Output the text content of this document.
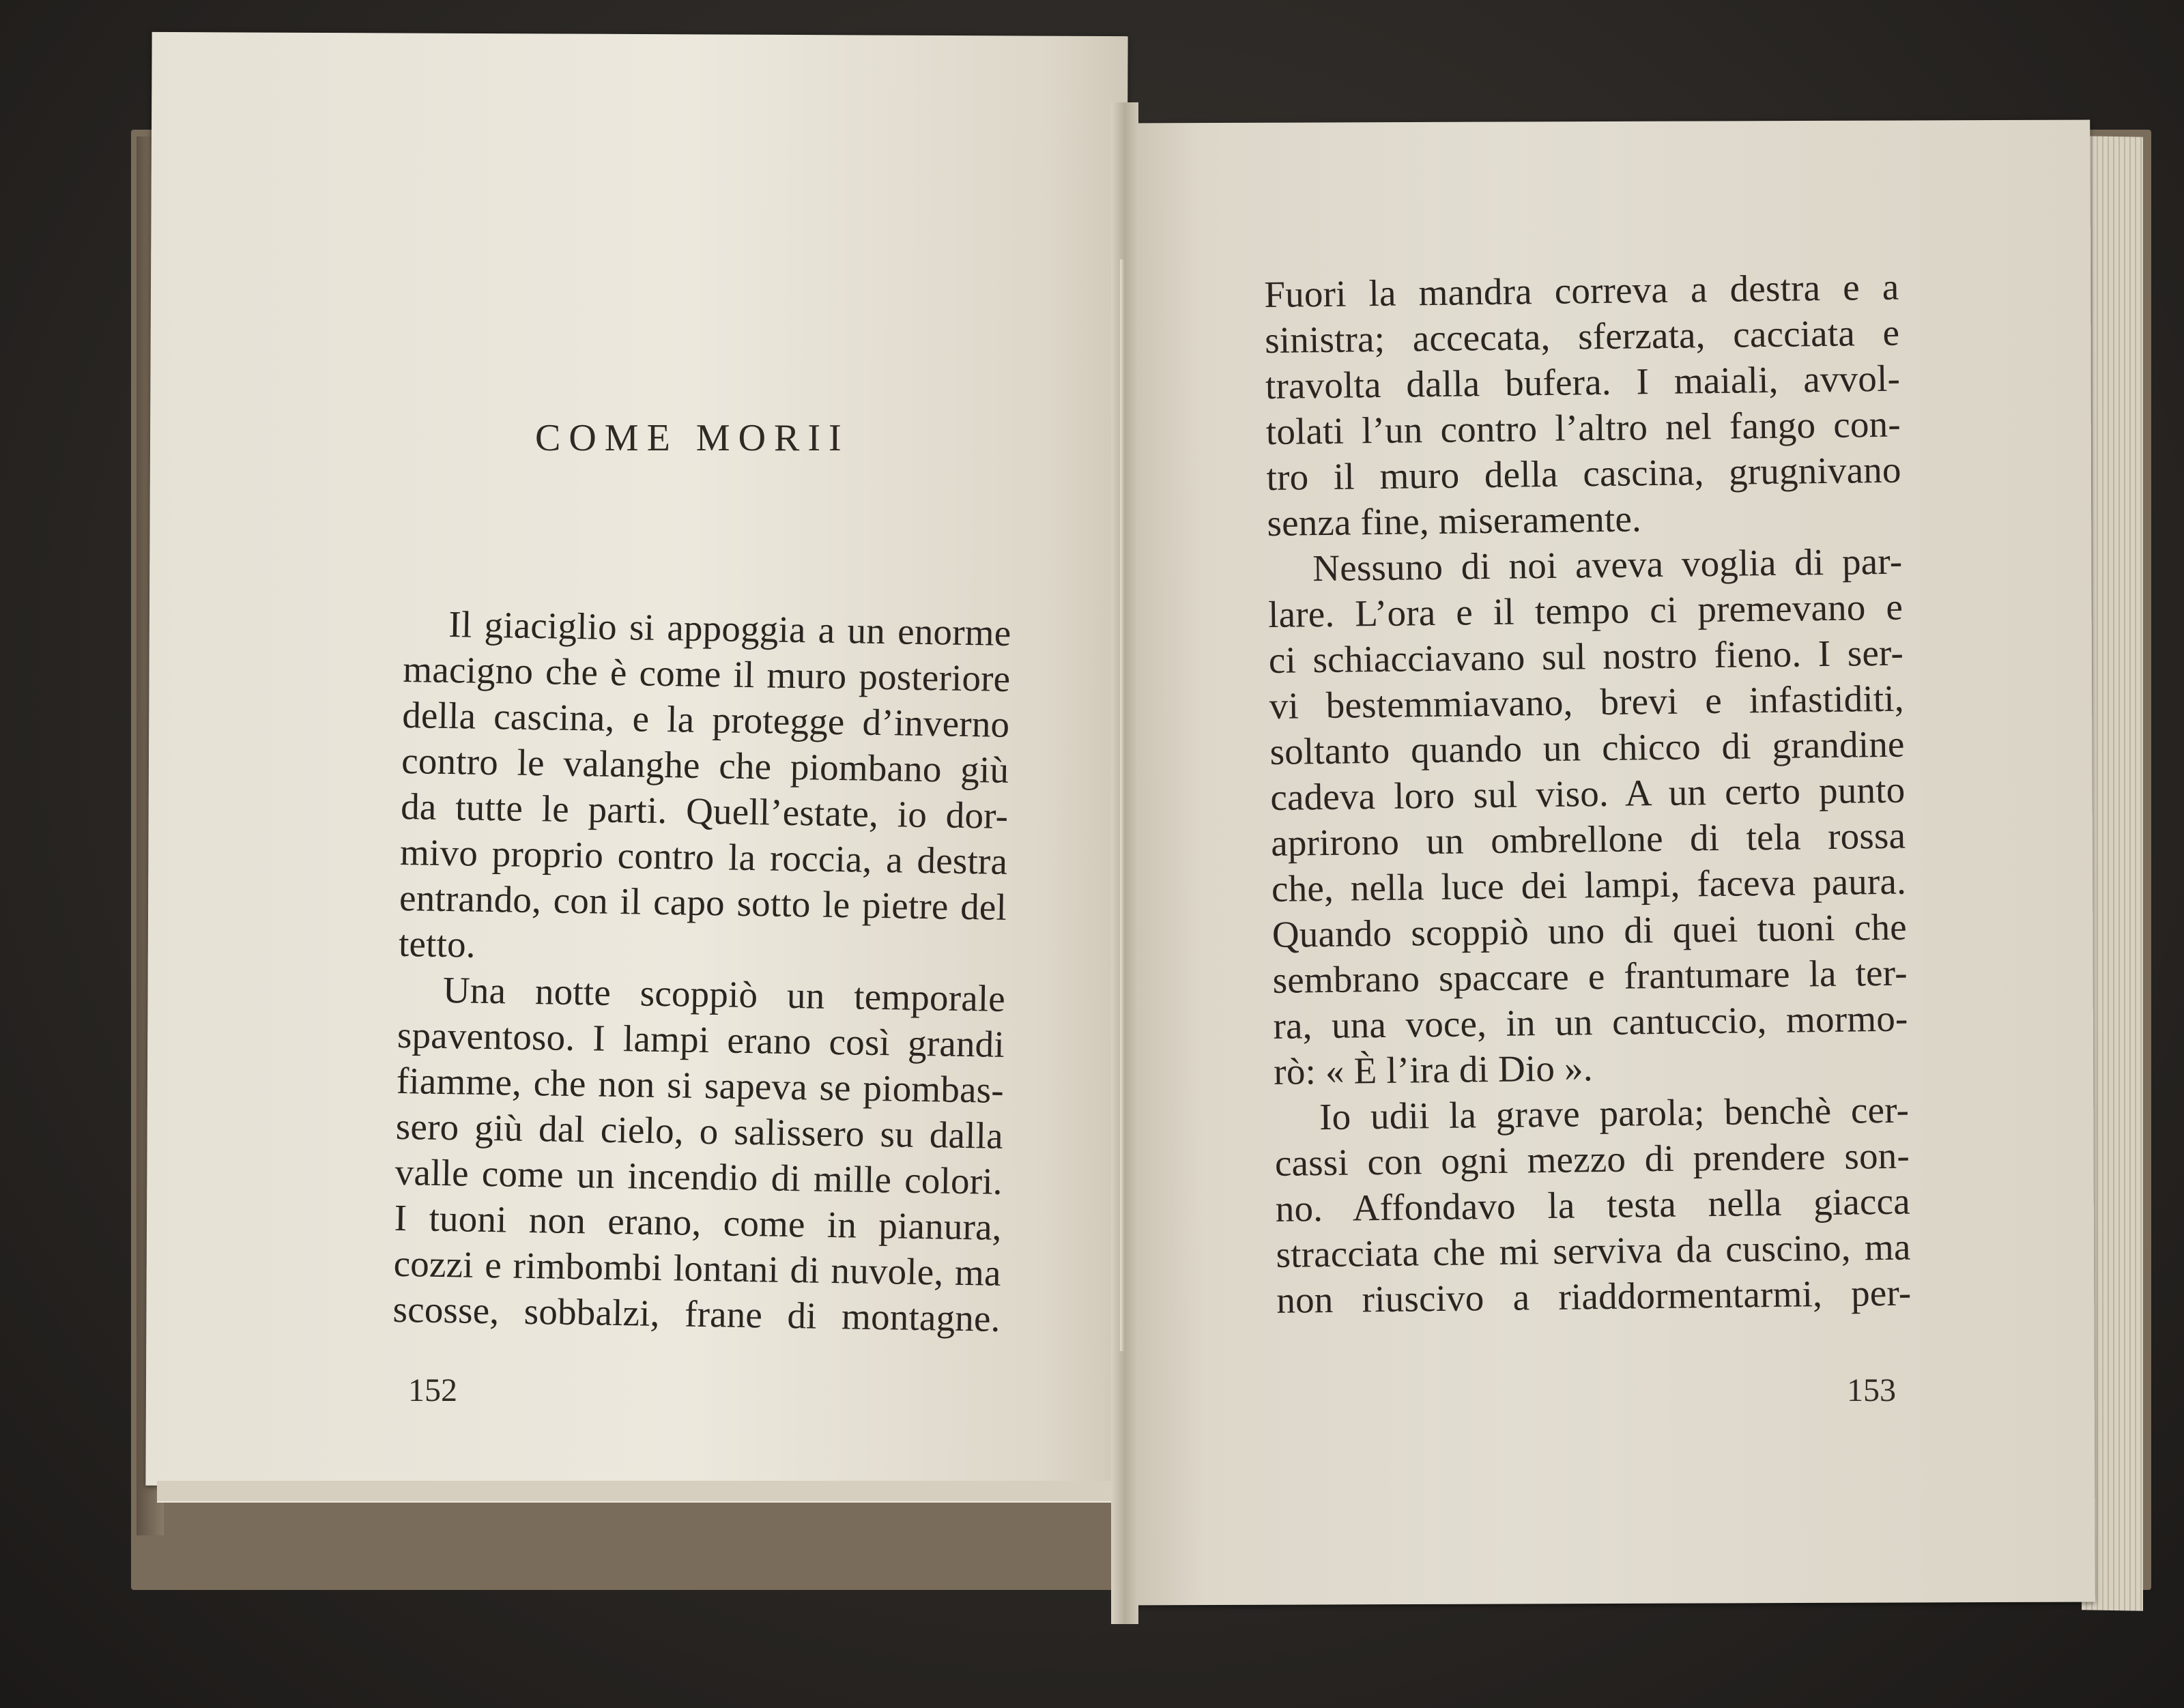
COME MORII
Il giaciglio si appoggia a un enorme
macigno che è come il muro posteriore
della cascina, e la protegge d’inverno
contro le valanghe che piombano giù
da tutte le parti. Quell’estate, io dor-
mivo proprio contro la roccia, a destra
entrando, con il capo sotto le pietre del
tetto.
Una notte scoppiò un temporale
spaventoso. I lampi erano così grandi
fiamme, che non si sapeva se piombas-
sero giù dal cielo, o salissero su dalla
valle come un incendio di mille colori.
I tuoni non erano, come in pianura,
cozzi e rimbombi lontani di nuvole, ma
scosse, sobbalzi, frane di montagne.
152
Fuori la mandra correva a destra e a
sinistra; accecata, sferzata, cacciata e
travolta dalla bufera. I maiali, avvol-
tolati l’un contro l’altro nel fango con-
tro il muro della cascina, grugnivano
senza fine, miseramente.
Nessuno di noi aveva voglia di par-
lare. L’ora e il tempo ci premevano e
ci schiacciavano sul nostro fieno. I ser-
vi bestemmiavano, brevi e infastiditi,
soltanto quando un chicco di grandine
cadeva loro sul viso. A un certo punto
aprirono un ombrellone di tela rossa
che, nella luce dei lampi, faceva paura.
Quando scoppiò uno di quei tuoni che
sembrano spaccare e frantumare la ter-
ra, una voce, in un cantuccio, mormo-
rò: « È l’ira di Dio ».
Io udii la grave parola; benchè cer-
cassi con ogni mezzo di prendere son-
no. Affondavo la testa nella giacca
stracciata che mi serviva da cuscino, ma
non riuscivo a riaddormentarmi, per-
153
